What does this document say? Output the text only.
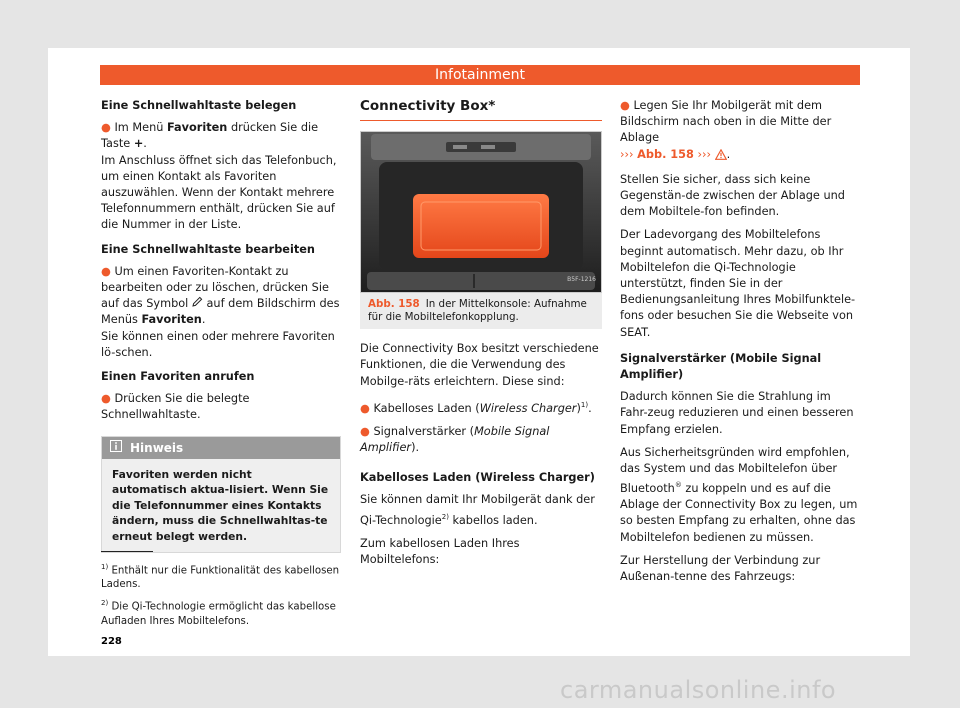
Infotainment
Eine Schnellwahltaste belegen

● Im Menü Favoriten drücken Sie die Taste +.
Im Anschluss öffnet sich das Telefonbuch, um einen Kontakt als Favoriten auszuwählen. Wenn der Kontakt mehrere Telefonnummern enthält, drücken Sie auf die Nummer in der Liste.

Eine Schnellwahltaste bearbeiten

● Um einen Favoriten-Kontakt zu bearbeiten oder zu löschen, drücken Sie auf das Symbol  auf dem Bildschirm des Menüs Favoriten.
Sie können einen oder mehrere Favoriten lö-schen.

Einen Favoriten anrufen

● Drücken Sie die belegte Schnellwahltaste.

Hinweis
Favoriten werden nicht automatisch aktua-lisiert. Wenn Sie die Telefonnummer eines Kontakts ändern, muss die Schnellwahltas-te erneut belegt werden.
Connectivity Box*
B5F-1216
Abb. 158 In der Mittelkonsole: Aufnahme für die Mobiltelefonkopplung.

Die Connectivity Box besitzt verschiedene Funktionen, die die Verwendung des Mobilge-räts erleichtern. Diese sind:

● Kabelloses Laden (Wireless Charger)$^{1)}$.

● Signalverstärker (Mobile Signal Amplifier).

Kabelloses Laden (Wireless Charger)

Sie können damit Ihr Mobilgerät dank der Qi-Technologie$^{2)}$ kabellos laden.

Zum kabellosen Laden Ihres Mobiltelefons:

● Legen Sie Ihr Mobilgerät mit dem Bildschirm nach oben in die Mitte der Ablage
››› Abb. 158 ››› .

Stellen Sie sicher, dass sich keine Gegenstän-de zwischen der Ablage und dem Mobiltele-fon befinden.

Der Ladevorgang des Mobiltelefons beginnt automatisch. Mehr dazu, ob Ihr Mobiltelefon die Qi-Technologie unterstützt, finden Sie in der Bedienungsanleitung Ihres Mobilfunktele-fons oder besuchen Sie die Webseite von SEAT.

Signalverstärker (Mobile Signal Amplifier)

Dadurch können Sie die Strahlung im Fahr-zeug reduzieren und einen besseren Empfang erzielen.

Aus Sicherheitsgründen wird empfohlen, das System und das Mobiltelefon über Bluetooth® zu koppeln und es auf die Ablage der Connectivity Box zu legen, um so besten Empfang zu erhalten, ohne das Mobiltelefon bedienen zu müssen.

Zur Herstellung der Verbindung zur Außenan-tenne des Fahrzeugs:

$^{1)}$ Enthält nur die Funktionalität des kabellosen Ladens.

$^{2)}$ Die Qi-Technologie ermöglicht das kabellose Aufladen Ihres Mobiltelefons.

228
carmanualsonline.info
